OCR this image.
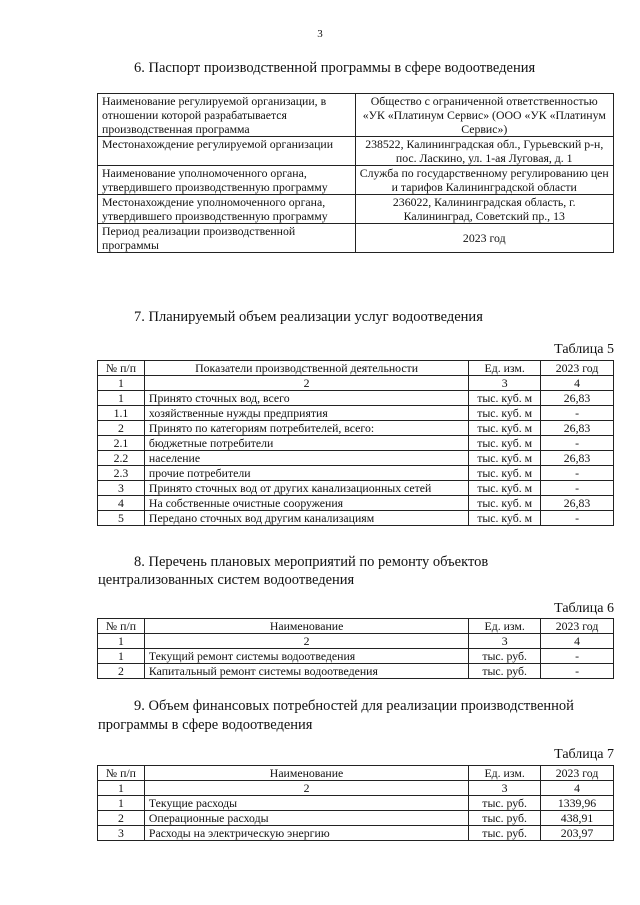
3
6. Паспорт производственной программы в сфере водоотведения
Наименование регулируемой организации, в отношении которой разрабатывается производственная программа	Общество с ограниченной ответственностью «УК «Платинум Сервис» (ООО «УК «Платинум Сервис»)
Местонахождение регулируемой организации	238522, Калининградская обл., Гурьевский р-н, пос. Ласкино, ул. 1-ая Луговая, д. 1
Наименование уполномоченного органа, утвердившего производственную программу	Служба по государственному регулированию цен и тарифов Калининградской области
Местонахождение уполномоченного органа, утвердившего производственную программу	236022, Калининградская область, г. Калининград, Советский пр., 13
Период реализации производственной программы	2023 год
7. Планируемый объем реализации услуг водоотведения
Таблица 5
№ п/п	Показатели производственной деятельности	Ед. изм.	2023 год
1	2	3	4
1	Принято сточных вод, всего	тыс. куб. м	26,83
1.1	хозяйственные нужды предприятия	тыс. куб. м	-
2	Принято по категориям потребителей, всего:	тыс. куб. м	26,83
2.1	бюджетные потребители	тыс. куб. м	-
2.2	население	тыс. куб. м	26,83
2.3	прочие потребители	тыс. куб. м	-
3	Принято сточных вод от других канализационных сетей	тыс. куб. м	-
4	На собственные очистные сооружения	тыс. куб. м	26,83
5	Передано сточных вод другим канализациям	тыс. куб. м	-
8. Перечень плановых мероприятий по ремонту объектов
централизованных систем водоотведения
Таблица 6
№ п/п	Наименование	Ед. изм.	2023 год
1	2	3	4
1	Текущий ремонт системы водоотведения	тыс. руб.	-
2	Капитальный ремонт системы водоотведения	тыс. руб.	-
9. Объем финансовых потребностей для реализации производственной
программы в сфере водоотведения
Таблица 7
№ п/п	Наименование	Ед. изм.	2023 год
1	2	3	4
1	Текущие расходы	тыс. руб.	1339,96
2	Операционные расходы	тыс. руб.	438,91
3	Расходы на электрическую энергию	тыс. руб.	203,97
